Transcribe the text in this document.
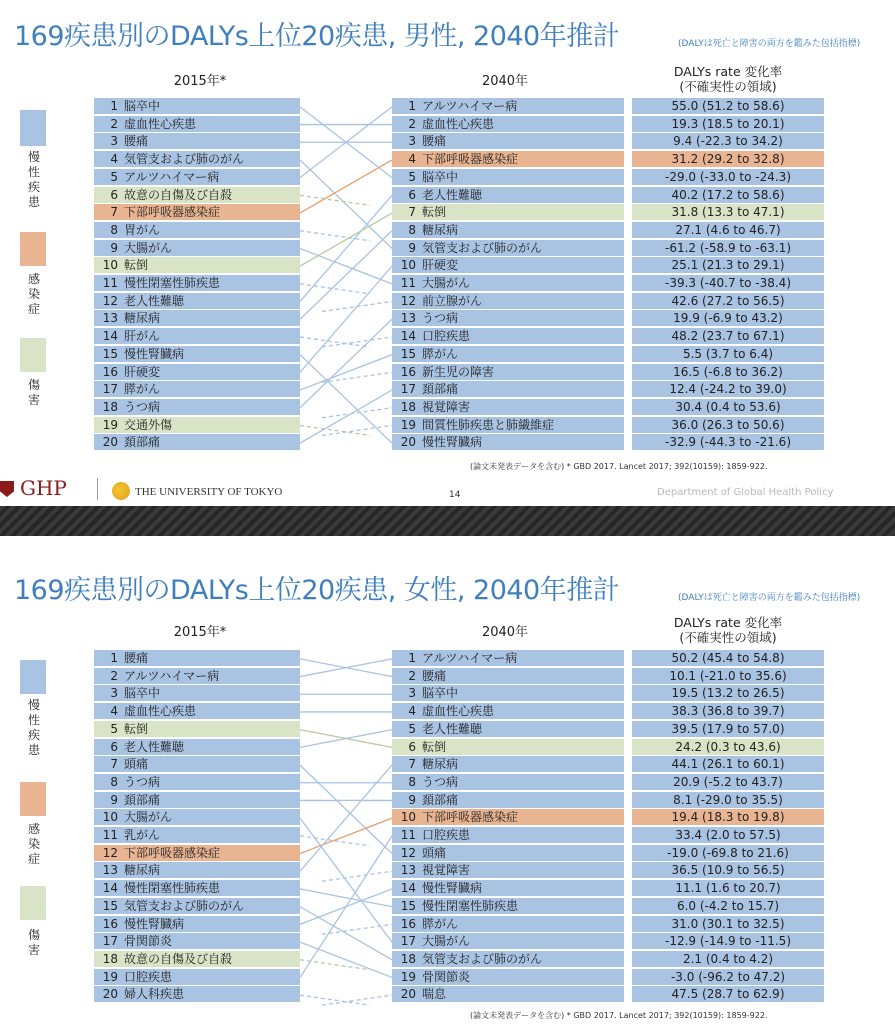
169疾患別のDALYs上位20疾患, 男性, 2040年推計	(DALYは死亡と障害の両方を鑑みた包括指標)
2015年*	2040年
DALYs rate 変化率
(不確実性の領域)
慢性疾患
感染症
傷害
1 脳卒中
2 虚血性心疾患
3 腰痛
4 気管支および肺のがん
5 アルツハイマー病
6 故意の自傷及び自殺
7 下部呼吸器感染症
8 胃がん
9 大腸がん
10 転倒
11 慢性閉塞性肺疾患
12 老人性難聴
13 糖尿病
14 肝がん
15 慢性腎臓病
16 肝硬変
17 膵がん
18 うつ病
19 交通外傷
20 頚部痛
1 アルツハイマー病	55.0 (51.2 to 58.6)
2 虚血性心疾患	19.3 (18.5 to 20.1)
3 腰痛	9.4 (-22.3 to 34.2)
4 下部呼吸器感染症	31.2 (29.2 to 32.8)
5 脳卒中	-29.0 (-33.0 to -24.3)
6 老人性難聴	40.2 (17.2 to 58.6)
7 転倒	31.8 (13.3 to 47.1)
8 糖尿病	27.1 (4.6 to 46.7)
9 気管支および肺のがん	-61.2 (-58.9 to -63.1)
10 肝硬変	25.1 (21.3 to 29.1)
11 大腸がん	-39.3 (-40.7 to -38.4)
12 前立腺がん	42.6 (27.2 to 56.5)
13 うつ病	19.9 (-6.9 to 43.2)
14 口腔疾患	48.2 (23.7 to 67.1)
15 膵がん	5.5 (3.7 to 6.4)
16 新生児の障害	16.5 (-6.8 to 36.2)
17 頚部痛	12.4 (-24.2 to 39.0)
18 視覚障害	30.4 (0.4 to 53.6)
19 間質性肺疾患と肺繊維症	36.0 (26.3 to 50.6)
20 慢性腎臓病	-32.9 (-44.3 to -21.6)
(論文未発表データを含む) * GBD 2017. Lancet 2017; 392(10159): 1859-922.
GHP	THE UNIVERSITY OF TOKYO	14	Department of Global Health Policy
169疾患別のDALYs上位20疾患, 女性, 2040年推計	(DALYは死亡と障害の両方を鑑みた包括指標)
2015年*	2040年
DALYs rate 変化率
(不確実性の領域)
慢性疾患
感染症
傷害
1 腰痛
2 アルツハイマー病
3 脳卒中
4 虚血性心疾患
5 転倒
6 老人性難聴
7 頭痛
8 うつ病
9 頚部痛
10 大腸がん
11 乳がん
12 下部呼吸器感染症
13 糖尿病
14 慢性閉塞性肺疾患
15 気管支および肺のがん
16 慢性腎臓病
17 骨関節炎
18 故意の自傷及び自殺
19 口腔疾患
20 婦人科疾患
1 アルツハイマー病	50.2 (45.4 to 54.8)
2 腰痛	10.1 (-21.0 to 35.6)
3 脳卒中	19.5 (13.2 to 26.5)
4 虚血性心疾患	38.3 (36.8 to 39.7)
5 老人性難聴	39.5 (17.9 to 57.0)
6 転倒	24.2 (0.3 to 43.6)
7 糖尿病	44.1 (26.1 to 60.1)
8 うつ病	20.9 (-5.2 to 43.7)
9 頚部痛	8.1 (-29.0 to 35.5)
10 下部呼吸器感染症	19.4 (18.3 to 19.8)
11 口腔疾患	33.4 (2.0 to 57.5)
12 頭痛	-19.0 (-69.8 to 21.6)
13 視覚障害	36.5 (10.9 to 56.5)
14 慢性腎臓病	11.1 (1.6 to 20.7)
15 慢性閉塞性肺疾患	6.0 (-4.2 to 15.7)
16 膵がん	31.0 (30.1 to 32.5)
17 大腸がん	-12.9 (-14.9 to -11.5)
18 気管支および肺のがん	2.1 (0.4 to 4.2)
19 骨関節炎	-3.0 (-96.2 to 47.2)
20 喘息	47.5 (28.7 to 62.9)
(論文未発表データを含む) * GBD 2017. Lancet 2017; 392(10159): 1859-922.
